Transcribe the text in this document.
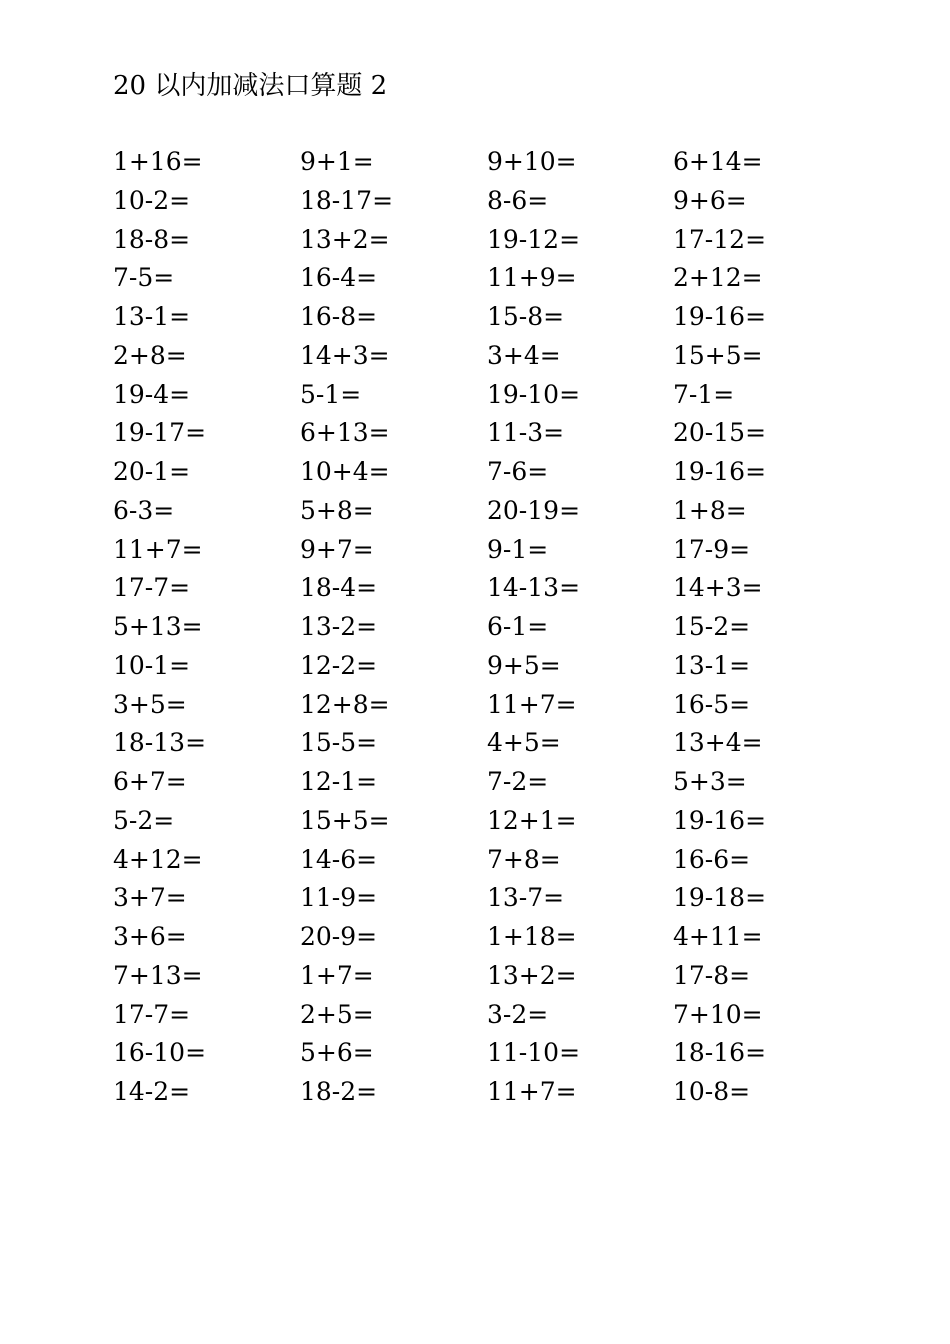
20 以内加减法口算题 2
1+16=	9+1=	9+10=	6+14=
10-2=	18-17=	8-6=	9+6=
18-8=	13+2=	19-12=	17-12=
7-5=	16-4=	11+9=	2+12=
13-1=	16-8=	15-8=	19-16=
2+8=	14+3=	3+4=	15+5=
19-4=	5-1=	19-10=	7-1=
19-17=	6+13=	11-3=	20-15=
20-1=	10+4=	7-6=	19-16=
6-3=	5+8=	20-19=	1+8=
11+7=	9+7=	9-1=	17-9=
17-7=	18-4=	14-13=	14+3=
5+13=	13-2=	6-1=	15-2=
10-1=	12-2=	9+5=	13-1=
3+5=	12+8=	11+7=	16-5=
18-13=	15-5=	4+5=	13+4=
6+7=	12-1=	7-2=	5+3=
5-2=	15+5=	12+1=	19-16=
4+12=	14-6=	7+8=	16-6=
3+7=	11-9=	13-7=	19-18=
3+6=	20-9=	1+18=	4+11=
7+13=	1+7=	13+2=	17-8=
17-7=	2+5=	3-2=	7+10=
16-10=	5+6=	11-10=	18-16=
14-2=	18-2=	11+7=	10-8=
